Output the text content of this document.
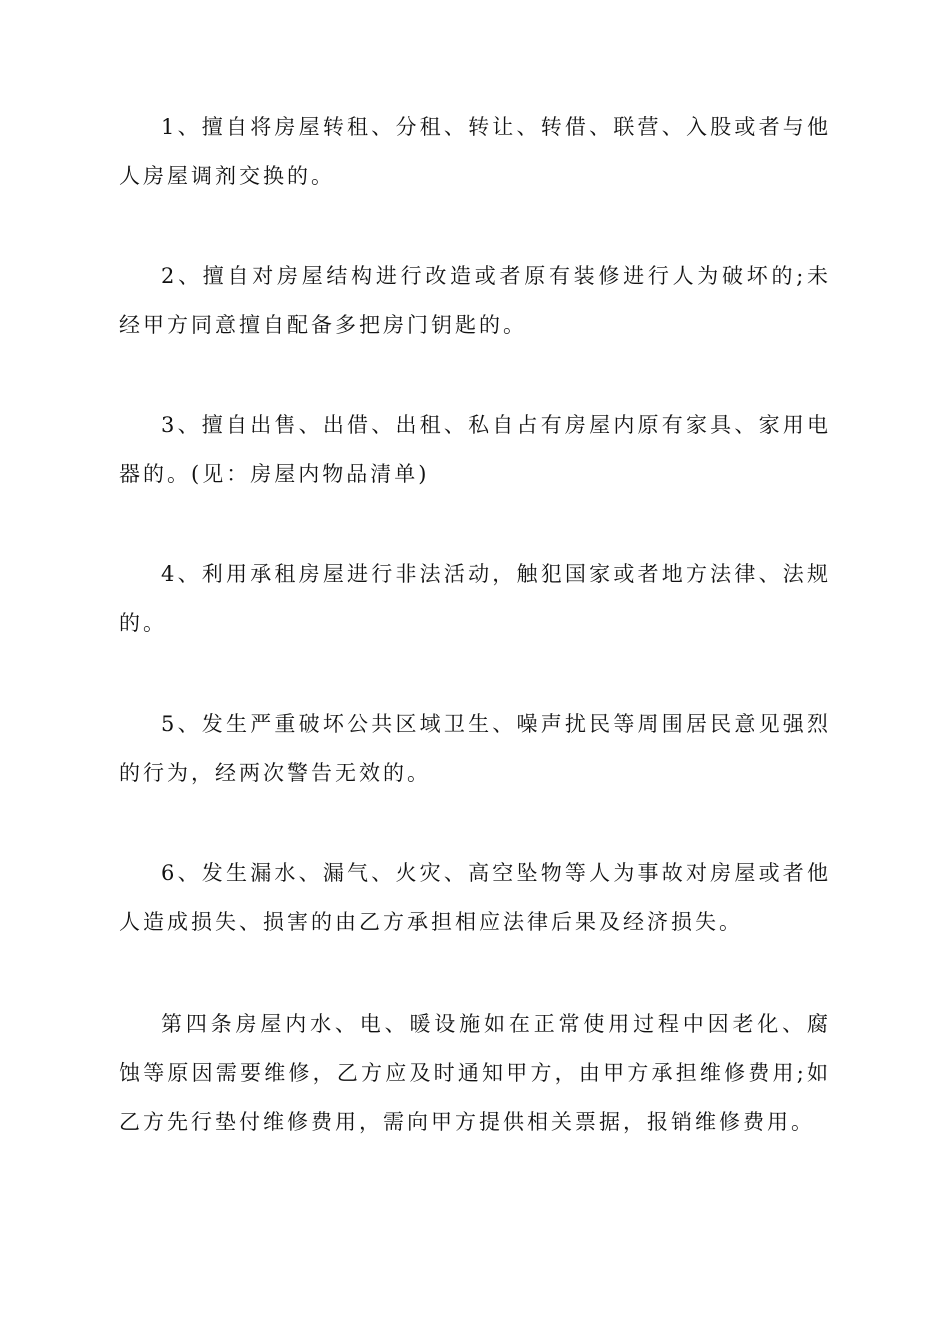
1、擅自将房屋转租、分租、转让、转借、联营、入股或者与他人房屋调剂交换的。

2、擅自对房屋结构进行改造或者原有装修进行人为破坏的;未经甲方同意擅自配备多把房门钥匙的。

3、擅自出售、出借、出租、私自占有房屋内原有家具、家用电器的。(见：房屋内物品清单)

4、利用承租房屋进行非法活动，触犯国家或者地方法律、法规的。

5、发生严重破坏公共区域卫生、噪声扰民等周围居民意见强烈的行为，经两次警告无效的。

6、发生漏水、漏气、火灾、高空坠物等人为事故对房屋或者他人造成损失、损害的由乙方承担相应法律后果及经济损失。

第四条房屋内水、电、暖设施如在正常使用过程中因老化、腐蚀等原因需要维修，乙方应及时通知甲方，由甲方承担维修费用;如乙方先行垫付维修费用，需向甲方提供相关票据，报销维修费用。
